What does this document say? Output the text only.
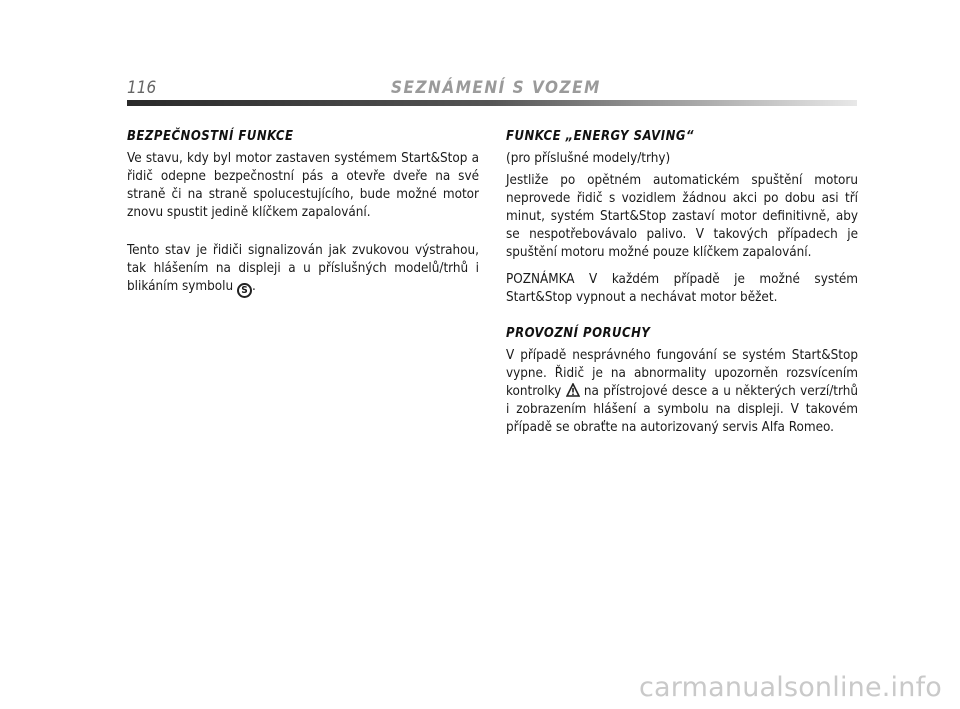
116	SEZNÁMENÍ S VOZEM
BEZPEČNOSTNÍ FUNKCE

Ve stavu, kdy byl motor zastaven systémem Start&Stop a řidič odepne bezpečnostní pás a otevře dveře na své straně či na straně spolucestujícího, bude možné motor znovu spustit jedině klíčkem zapalování.

Tento stav je řidiči signalizován jak zvukovou výstrahou, tak hlášením na displeji a u příslušných modelů/trhů i blikáním symbolu S .

FUNKCE „ENERGY SAVING“
(pro příslušné modely/trhy)

Jestliže po opětném automatickém spuštění motoru neprovede řidič s vozidlem žádnou akci po dobu asi tří minut, systém Start&Stop zastaví motor definitivně, aby se nespotřebovávalo palivo. V takových případech je spuštění motoru možné pouze klíčkem zapalování.

POZNÁMKA V každém případě je možné systém Start&Stop vypnout a nechávat motor běžet.

PROVOZNÍ PORUCHY

V případě nesprávného fungování se systém Start&Stop vypne. Řidič je na abnormality upozorněn rozsvícením kontrolky na přístrojové desce a u některých verzí/trhů i zobrazením hlášení a symbolu na displeji. V takovém případě se obraťte na autorizovaný servis Alfa Romeo.

carmanualsonline.info
